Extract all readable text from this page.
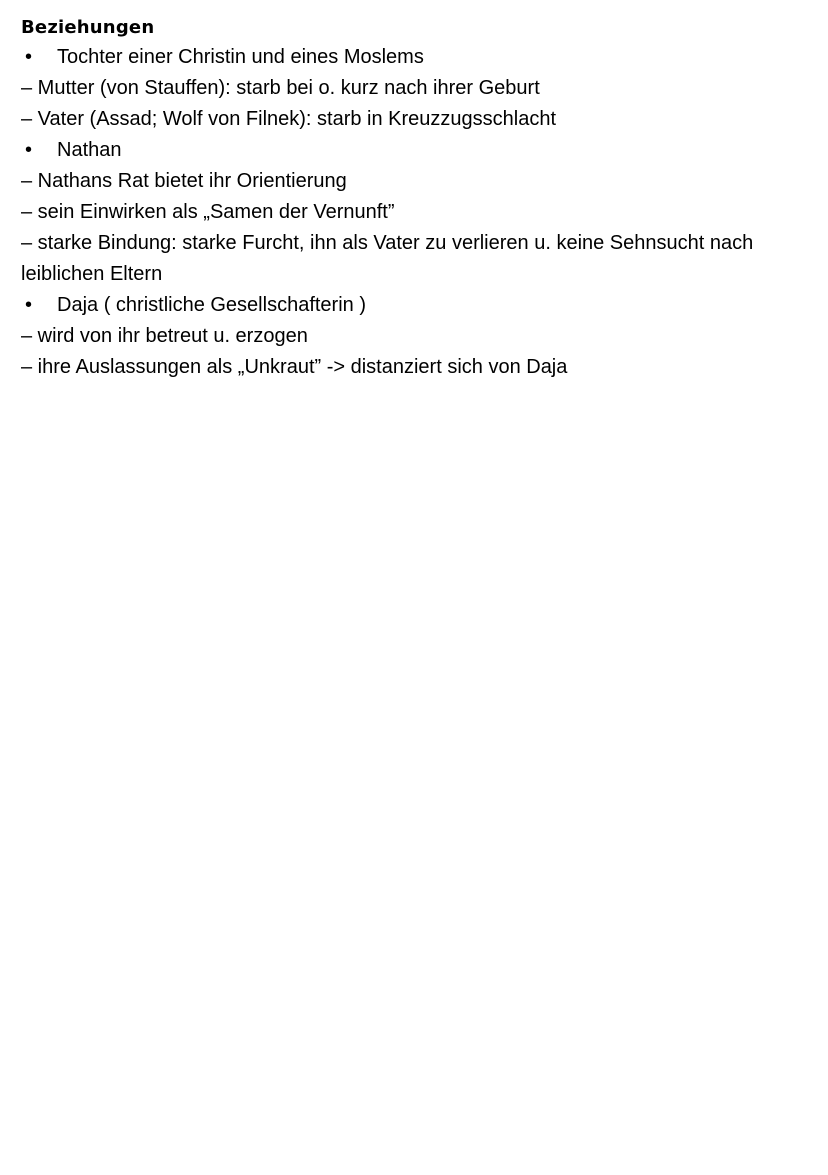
Beziehungen
•	Tochter einer Christin und eines Moslems
– Mutter (von Stauffen): starb bei o. kurz nach ihrer Geburt
– Vater (Assad; Wolf von Filnek): starb in Kreuzzugsschlacht
•	Nathan
– Nathans Rat bietet ihr Orientierung
– sein Einwirken als „Samen der Vernunft”
– starke Bindung: starke Furcht, ihn als Vater zu verlieren u. keine Sehnsucht nach leiblichen Eltern
•	Daja ( christliche Gesellschafterin )
– wird von ihr betreut u. erzogen
– ihre Auslassungen als „Unkraut” -> distanziert sich von Daja
